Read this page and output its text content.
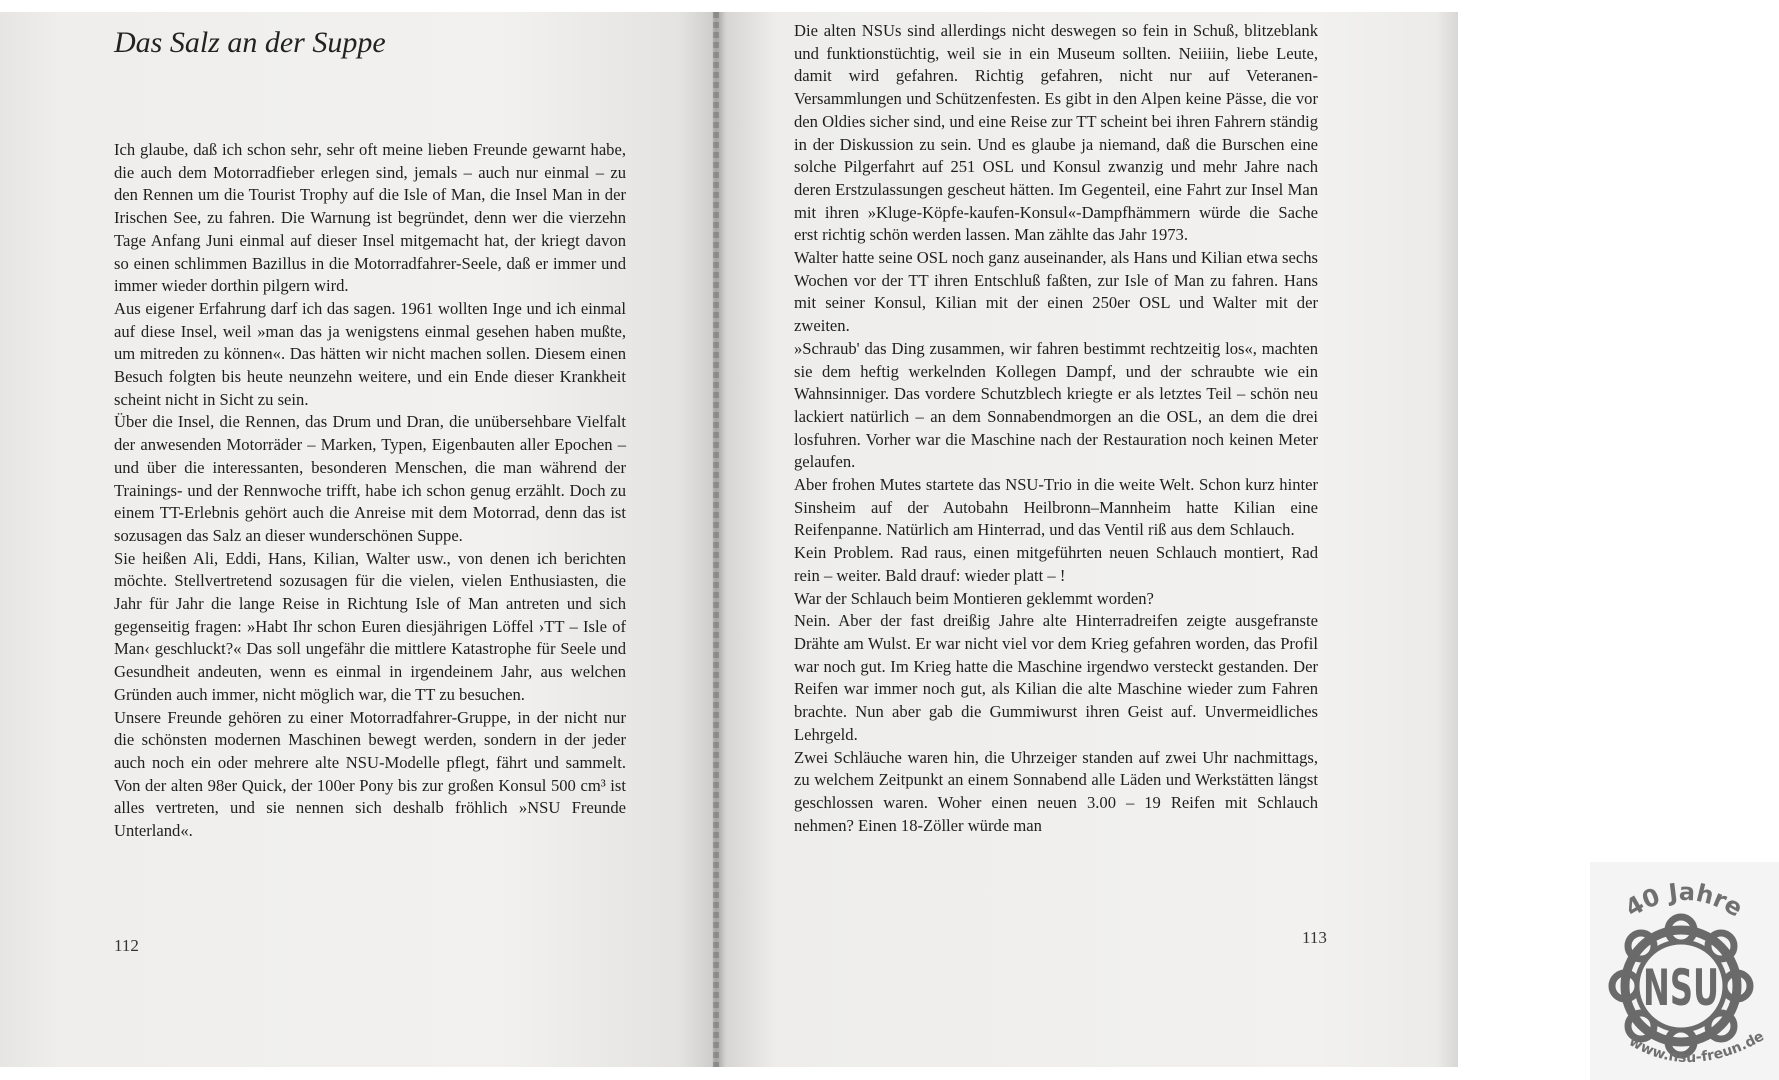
Das Salz an der Suppe

Ich glaube, daß ich schon sehr, sehr oft meine lieben Freunde gewarnt habe, die auch dem Motorradfieber erlegen sind, jemals – auch nur einmal – zu den Rennen um die Tourist Trophy auf die Isle of Man, die Insel Man in der Irischen See, zu fahren. Die Warnung ist begründet, denn wer die vierzehn Tage Anfang Juni einmal auf dieser Insel mitgemacht hat, der kriegt davon so einen schlimmen Bazillus in die Motorradfahrer-Seele, daß er immer und immer wieder dorthin pilgern wird.

Aus eigener Erfahrung darf ich das sagen. 1961 wollten Inge und ich einmal auf diese Insel, weil »man das ja wenigstens einmal gesehen haben mußte, um mitreden zu können«. Das hätten wir nicht machen sollen. Diesem einen Besuch folgten bis heute neunzehn weitere, und ein Ende dieser Krankheit scheint nicht in Sicht zu sein.

Über die Insel, die Rennen, das Drum und Dran, die unübersehbare Vielfalt der anwesenden Motorräder – Marken, Typen, Eigenbauten aller Epochen – und über die interessanten, besonderen Menschen, die man während der Trainings- und der Rennwoche trifft, habe ich schon genug erzählt. Doch zu einem TT-Erlebnis gehört auch die Anreise mit dem Motorrad, denn das ist sozusagen das Salz an dieser wunderschönen Suppe.

Sie heißen Ali, Eddi, Hans, Kilian, Walter usw., von denen ich berichten möchte. Stellvertretend sozusagen für die vielen, vielen Enthusiasten, die Jahr für Jahr die lange Reise in Richtung Isle of Man antreten und sich gegenseitig fragen: »Habt Ihr schon Euren diesjährigen Löffel ›TT – Isle of Man‹ geschluckt?« Das soll ungefähr die mittlere Katastrophe für Seele und Gesundheit andeuten, wenn es einmal in irgendeinem Jahr, aus welchen Gründen auch immer, nicht möglich war, die TT zu besuchen.

Unsere Freunde gehören zu einer Motorradfahrer-Gruppe, in der nicht nur die schönsten modernen Maschinen bewegt werden, sondern in der jeder auch noch ein oder mehrere alte NSU-Modelle pflegt, fährt und sammelt. Von der alten 98er Quick, der 100er Pony bis zur großen Konsul 500 cm³ ist alles vertreten, und sie nennen sich deshalb fröhlich »NSU Freunde Unterland«.

112

Die alten NSUs sind allerdings nicht deswegen so fein in Schuß, blitzeblank und funktionstüchtig, weil sie in ein Museum sollten. Neiiiin, liebe Leute, damit wird gefahren. Richtig gefahren, nicht nur auf Veteranen-Versammlungen und Schützenfesten. Es gibt in den Alpen keine Pässe, die vor den Oldies sicher sind, und eine Reise zur TT scheint bei ihren Fahrern ständig in der Diskussion zu sein. Und es glaube ja niemand, daß die Burschen eine solche Pilgerfahrt auf 251 OSL und Konsul zwanzig und mehr Jahre nach deren Erstzulassungen gescheut hätten. Im Gegenteil, eine Fahrt zur Insel Man mit ihren »Kluge-Köpfe-kaufen-Konsul«-Dampfhämmern würde die Sache erst richtig schön werden lassen. Man zählte das Jahr 1973.

Walter hatte seine OSL noch ganz auseinander, als Hans und Kilian etwa sechs Wochen vor der TT ihren Entschluß faßten, zur Isle of Man zu fahren. Hans mit seiner Konsul, Kilian mit der einen 250er OSL und Walter mit der zweiten.

»Schraub' das Ding zusammen, wir fahren bestimmt rechtzeitig los«, machten sie dem heftig werkelnden Kollegen Dampf, und der schraubte wie ein Wahnsinniger. Das vordere Schutzblech kriegte er als letztes Teil – schön neu lackiert natürlich – an dem Sonnabendmorgen an die OSL, an dem die drei losfuhren. Vorher war die Maschine nach der Restauration noch keinen Meter gelaufen.

Aber frohen Mutes startete das NSU-Trio in die weite Welt. Schon kurz hinter Sinsheim auf der Autobahn Heilbronn–Mannheim hatte Kilian eine Reifenpanne. Natürlich am Hinterrad, und das Ventil riß aus dem Schlauch.

Kein Problem. Rad raus, einen mitgeführten neuen Schlauch montiert, Rad rein – weiter. Bald drauf: wieder platt – !

War der Schlauch beim Montieren geklemmt worden?

Nein. Aber der fast dreißig Jahre alte Hinterradreifen zeigte ausgefranste Drähte am Wulst. Er war nicht viel vor dem Krieg gefahren worden, das Profil war noch gut. Im Krieg hatte die Maschine irgendwo versteckt gestanden. Der Reifen war immer noch gut, als Kilian die alte Maschine wieder zum Fahren brachte. Nun aber gab die Gummiwurst ihren Geist auf. Unvermeidliches Lehrgeld.

Zwei Schläuche waren hin, die Uhrzeiger standen auf zwei Uhr nachmittags, zu welchem Zeitpunkt an einem Sonnabend alle Läden und Werkstätten längst geschlossen waren. Woher einen neuen 3.00 – 19 Reifen mit Schlauch nehmen? Einen 18-Zöller würde man

113
40 Jahre
NSU
www.nsu-freun.de
